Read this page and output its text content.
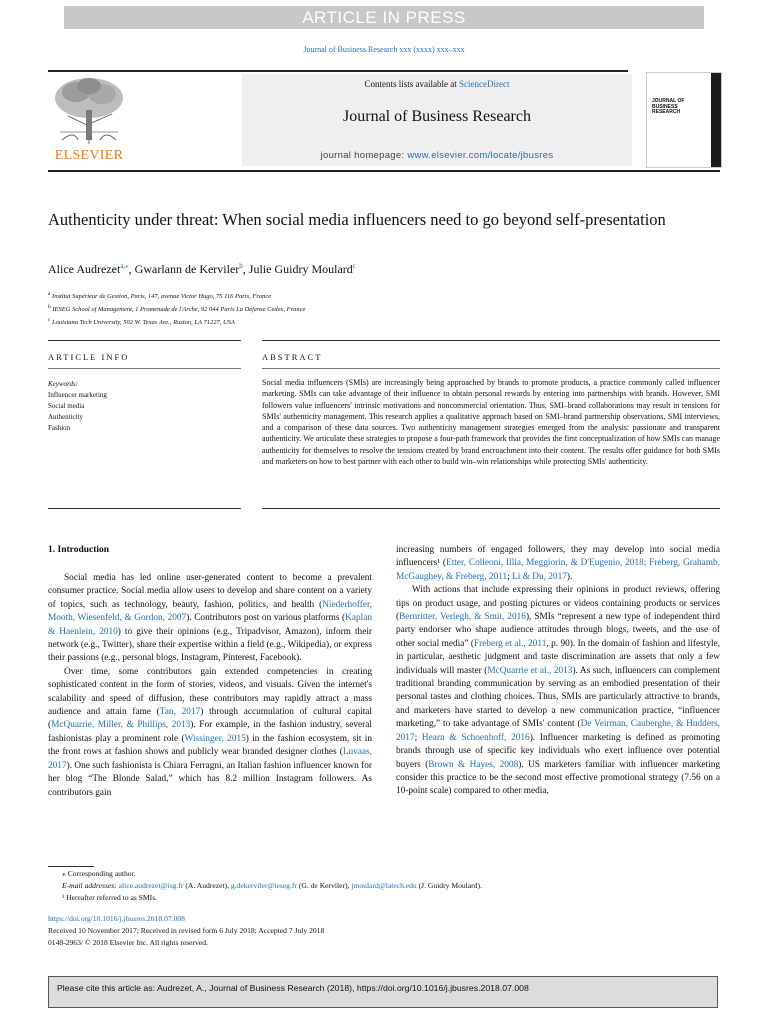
ARTICLE IN PRESS
Journal of Business Research xxx (xxxx) xxx–xxx
ELSEVIER
Contents lists available at ScienceDirect
Journal of Business Research
journal homepage: www.elsevier.com/locate/jbusres
JOURNAL OF BUSINESS RESEARCH
Authenticity under threat: When social media influencers need to go beyond self-presentation
Alice Audrezet$^{a,⁎}$, Gwarlann de Kerviler$^b$, Julie Guidry Moulard$^c$
$^a$ Institut Supérieur de Gestion, Paris, 147, avenue Victor Hugo, 75 116 Paris, France
$^b$ IESEG School of Management, 1 Promenade de l'Arche, 92 044 Paris La Défense Cedex, France
$^c$ Louisiana Tech University, 502 W. Texas Ave., Ruston, LA 71227, USA
ARTICLE INFO	ABSTRACT
Keywords:
Influencer marketing
Social media
Authenticity
Fashion
Social media influencers (SMIs) are increasingly being approached by brands to promote products, a practice commonly called influencer marketing. SMIs can take advantage of their influence to obtain personal rewards by entering into partnerships with brands. However, SMI followers value influencers' intrinsic motivations and noncommercial orientation. Thus, SMI–brand collaborations may result in tensions for SMIs' authenticity management. This research applies a qualitative approach based on SMI–brand partnership observations, SMI interviews, and a comparison of these data sources. Two authenticity management strategies emerged from the analysis: passionate and transparent authenticity. We articulate these strategies to propose a four-path framework that provides the first conceptualization of how SMIs can manage authenticity for themselves to resolve the tensions created by brand encroachment into their content. The results offer guidance for both SMIs and marketers on how to best partner with each other to build win–win relationships while protecting SMIs' authenticity.
1. Introduction

Social media has led online user-generated content to become a prevalent consumer practice. Social media allow users to develop and share content on a variety of topics, such as technology, beauty, fashion, politics, and health (Niederhoffer, Mooth, Wiesenfeld, & Gordon, 2007). Contributors post on various platforms (Kaplan & Haenlein, 2010) to give their opinions (e.g., Tripadvisor, Amazon), inform their network (e.g., Twitter), share their expertise within a field (e.g., Wikipedia), or express their passions (e.g., personal blogs, Instagram, Pinterest, Facebook).

Over time, some contributors gain extended competencies in creating sophisticated content in the form of stories, videos, and visuals. Given the internet's scalability and speed of diffusion, these contributors may rapidly attract a mass audience and attain fame (Tan, 2017) through accumulation of cultural capital (McQuarrie, Miller, & Phillips, 2013). For example, in the fashion industry, several fashionistas play a prominent role (Wissinger, 2015) in the fashion ecosystem, sit in the front rows at fashion shows and publicly wear branded designer clothes (Luvaas, 2017). One such fashionista is Chiara Ferragni, an Italian fashion influencer known for her blog “The Blonde Salad,” which has 8.2 million Instagram followers. As contributors gain

increasing numbers of engaged followers, they may develop into social media influencers¹ (Etter, Colleoni, Illia, Meggiorin, & D'Eugenio, 2018; Freberg, Grahamb, McGaughey, & Freberg, 2011; Li & Du, 2017).

With actions that include expressing their opinions in product reviews, offering tips on product usage, and posting pictures or videos containing products or services (Bernritter, Verlegh, & Smit, 2016), SMIs “represent a new type of independent third party endorser who shape audience attitudes through blogs, tweets, and the use of other social media” (Freberg et al., 2011, p. 90). In the domain of fashion and lifestyle, in particular, aesthetic judgment and taste discrimination are assets that only a few individuals will master (McQuarrie et al., 2013). As such, influencers can complement traditional branding communication by serving as an embodied presentation of their personal tastes and clothing choices. Thus, SMIs are particularly attractive to brands, and marketers have started to develop a new communication practice, “influencer marketing,” to take advantage of SMIs' content (De Veirman, Cauberghe, & Hudders, 2017; Hearn & Schoenhoff, 2016). Influencer marketing is defined as promoting brands through use of specific key individuals who exert influence over potential buyers (Brown & Hayes, 2008). US marketers familiar with influencer marketing consider this practice to be the second most effective promotional strategy (7.56 on a 10-point scale) compared to other media,

⁎ Corresponding author.
E-mail addresses: alice.audrezet@isg.fr (A. Audrezet), g.dekerviler@ieseg.fr (G. de Kerviler), jmoulard@latech.edu (J. Guidry Moulard).
¹ Hereafter referred to as SMIs.
https://doi.org/10.1016/j.jbusres.2018.07.008
Received 10 November 2017; Received in revised form 6 July 2018; Accepted 7 July 2018
0148-2963/ © 2018 Elsevier Inc. All rights reserved.
Please cite this article as: Audrezet, A., Journal of Business Research (2018), https://doi.org/10.1016/j.jbusres.2018.07.008
